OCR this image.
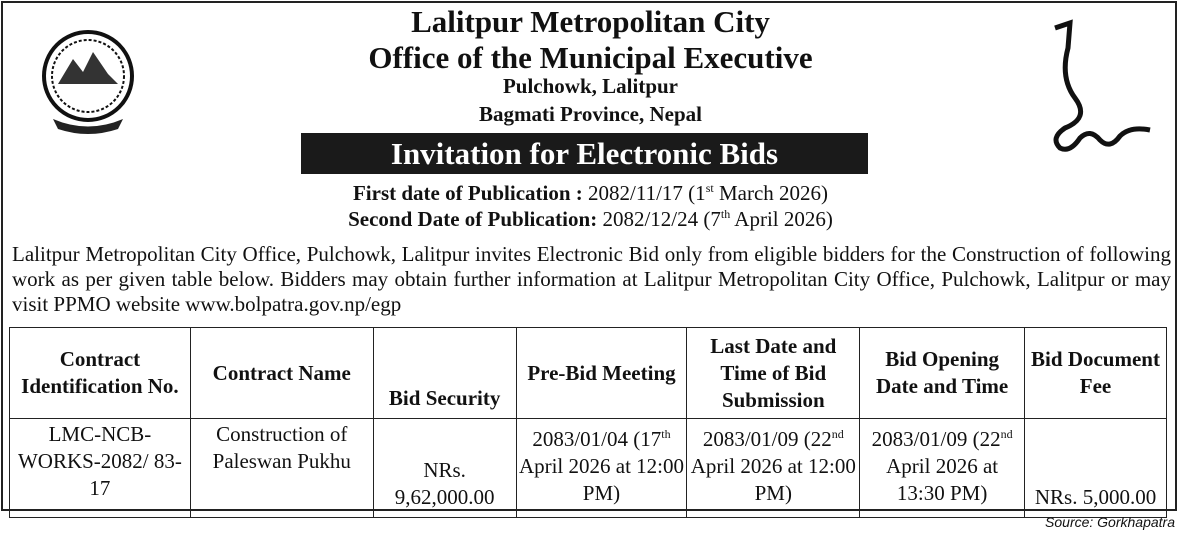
Lalitpur Metropolitan City
Office of the Municipal Executive
Pulchowk, Lalitpur
Bagmati Province, Nepal
Invitation for Electronic Bids
First date of Publication : 2082/11/17 (1st March 2026)
Second Date of Publication: 2082/12/24 (7th April 2026)
Lalitpur Metropolitan City Office, Pulchowk, Lalitpur invites Electronic Bid only from eligible bidders for the Construction of following work as per given table below. Bidders may obtain further information at Lalitpur Metropolitan City Office, Pulchowk, Lalitpur or may visit PPMO website www.bolpatra.gov.np/egp
Contract Identification No.	Contract Name	Bid Security	Pre-Bid Meeting	Last Date and Time of Bid Submission	Bid Opening Date and Time	Bid Document Fee
LMC-NCB-WORKS-2082/ 83-17	Construction of Paleswan Pukhu	NRs. 9,62,000.00	2083/01/04 (17th April 2026 at 12:00 PM)	2083/01/09 (22nd April 2026 at 12:00 PM)	2083/01/09 (22nd April 2026 at 13:30 PM)	NRs. 5,000.00
Source: Gorkhapatra
